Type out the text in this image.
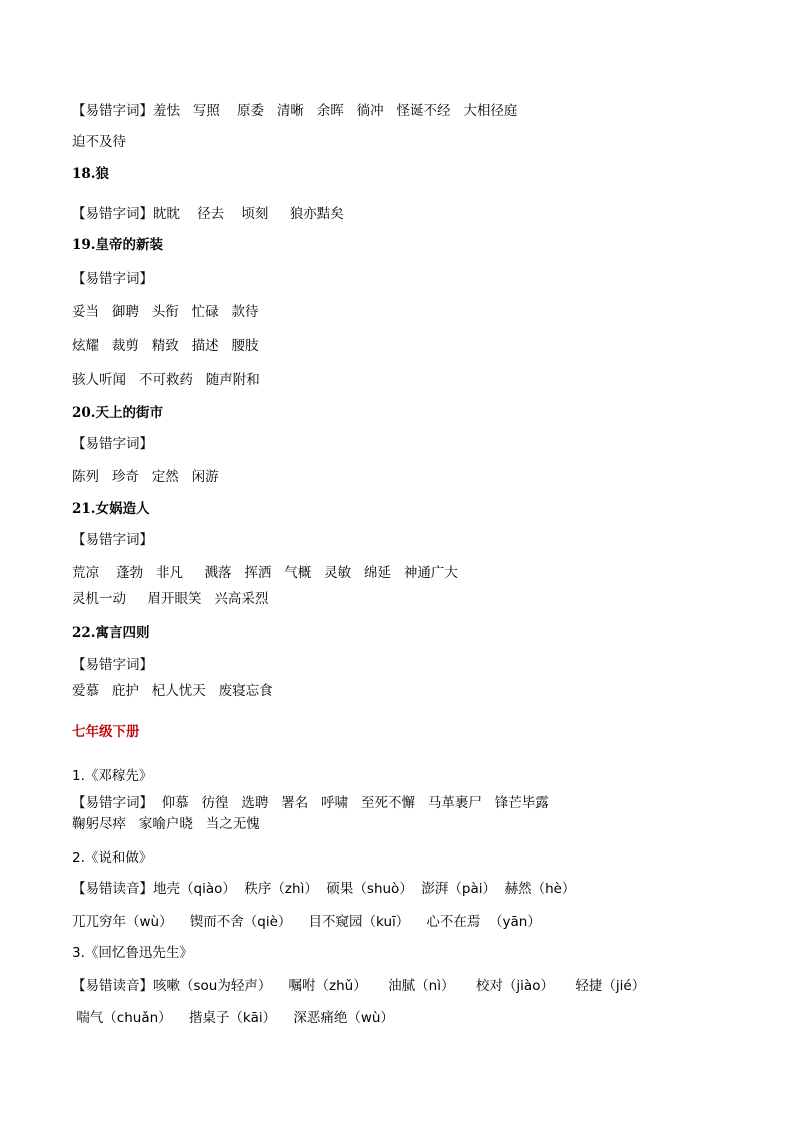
【易错字词】羞怯   写照    原委   清晰   余晖   徜冲   怪诞不经   大相径庭
迫不及待
18.狼
【易错字词】眈眈    径去    顷刻     狼亦黠矣
19.皇帝的新装
【易错字词】
妥当   御聘   头衔   忙碌   款待
炫耀   裁剪   精致   描述   腰肢
骇人听闻   不可救药   随声附和
20.天上的街市
【易错字词】
陈列   珍奇   定然   闲游
21.女娲造人
【易错字词】
荒凉    蓬勃   非凡     溅落   挥洒   气概   灵敏   绵延   神通广大
灵机一动     眉开眼笑   兴高采烈
22.寓言四则
【易错字词】
爱慕   庇护   杞人忧天   废寝忘食
七年级下册
1.《邓稼先》
【易错字词】  仰慕   彷徨   选聘   署名   呼啸   至死不懈   马革裹尸   锋芒毕露
鞠躬尽瘁   家喻户晓   当之无愧
2.《说和做》
【易错读音】地壳（qiào）  秩序（zhì）  硕果（shuò）  澎湃（pài）  赫然（hè）
兀兀穷年（wù）    锲而不舍（qiè）    目不窥园（kuī）    心不在焉  （yān）
3.《回忆鲁迅先生》
【易错读音】咳嗽（sou为轻声）    嘱咐（zhǔ）     油腻（nì）     校对（jiào）     轻捷（jié）
喘气（chuǎn）    揩桌子（kāi）    深恶痛绝（wù）
